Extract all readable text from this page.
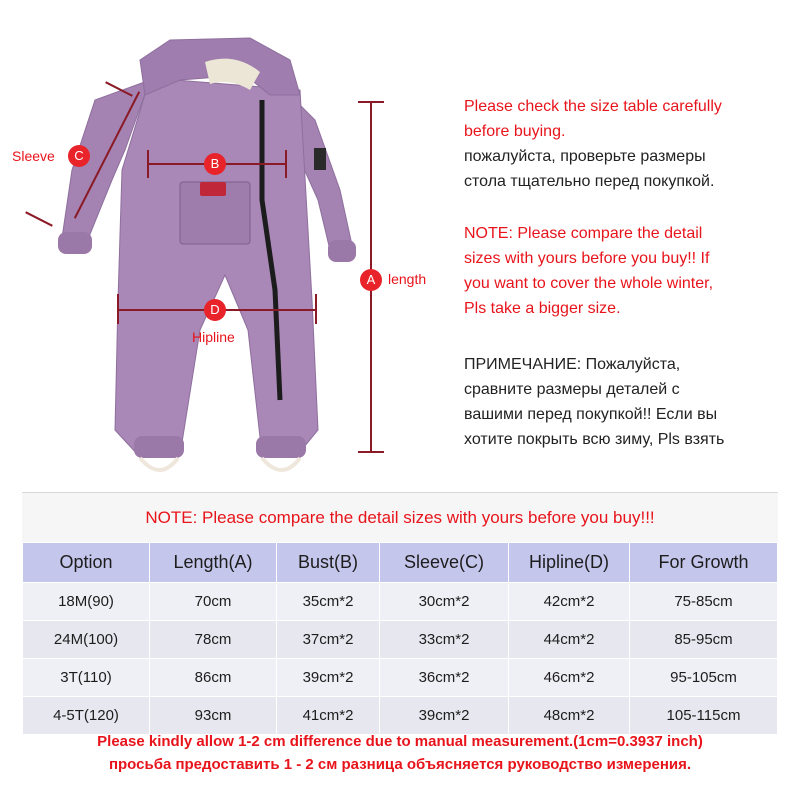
A length
B
C
Sleeve
D
Hipline

Please check the size table carefully

before buying.

пожалуйста, проверьте размеры

стола тщательно перед покупкой.

NOTE: Please compare the detail

sizes with yours before you buy!! If

you want to cover the whole winter,

Pls take a bigger size.

ПРИМЕЧАНИЕ: Пожалуйста,

сравните размеры деталей с

вашими перед покупкой!! Если вы

хотите покрыть всю зиму, Pls взять

NOTE: Please compare the detail sizes with yours before you buy!!!
Option	Length(A)	Bust(B)	Sleeve(C)	Hipline(D)	For Growth
18M(90)	70cm	35cm*2	30cm*2	42cm*2	75-85cm
24M(100)	78cm	37cm*2	33cm*2	44cm*2	85-95cm
3T(110)	86cm	39cm*2	36cm*2	46cm*2	95-105cm
4-5T(120)	93cm	41cm*2	39cm*2	48cm*2	105-115cm
Please kindly allow 1-2 cm difference due to manual measurement.(1cm=0.3937 inch)
просьба предоставить 1 - 2 см разница объясняется руководство измерения.
